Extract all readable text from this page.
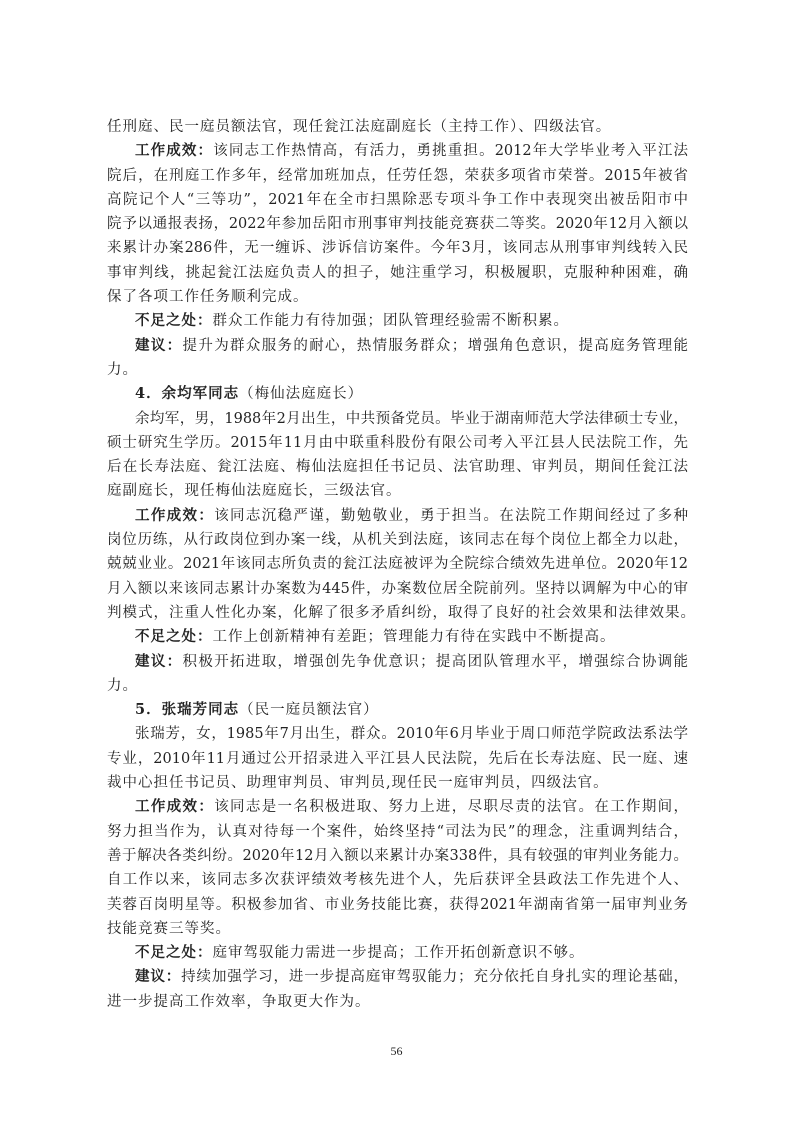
任刑庭、民一庭员额法官，现任瓮江法庭副庭长（主持工作）、四级法官。
工作成效：该同志工作热情高，有活力，勇挑重担。2012年大学毕业考入平江法
院后，在刑庭工作多年，经常加班加点，任劳任怨，荣获多项省市荣誉。2015年被省
高院记个人“三等功”，2021年在全市扫黑除恶专项斗争工作中表现突出被岳阳市中
院予以通报表扬，2022年参加岳阳市刑事审判技能竞赛获二等奖。2020年12月入额以
来累计办案286件，无一缠诉、涉诉信访案件。今年3月，该同志从刑事审判线转入民
事审判线，挑起瓮江法庭负责人的担子，她注重学习，积极履职，克服种种困难，确
保了各项工作任务顺利完成。
不足之处：群众工作能力有待加强；团队管理经验需不断积累。
建议：提升为群众服务的耐心，热情服务群众；增强角色意识，提高庭务管理能
力。
4．余均军同志（梅仙法庭庭长）
余均军，男，1988年2月出生，中共预备党员。毕业于湖南师范大学法律硕士专业，
硕士研究生学历。2015年11月由中联重科股份有限公司考入平江县人民法院工作，先
后在长寿法庭、瓮江法庭、梅仙法庭担任书记员、法官助理、审判员，期间任瓮江法
庭副庭长，现任梅仙法庭庭长，三级法官。
工作成效：该同志沉稳严谨，勤勉敬业，勇于担当。在法院工作期间经过了多种
岗位历练，从行政岗位到办案一线，从机关到法庭，该同志在每个岗位上都全力以赴，
兢兢业业。2021年该同志所负责的瓮江法庭被评为全院综合绩效先进单位。2020年12
月入额以来该同志累计办案数为445件，办案数位居全院前列。坚持以调解为中心的审
判模式，注重人性化办案，化解了很多矛盾纠纷，取得了良好的社会效果和法律效果。
不足之处：工作上创新精神有差距；管理能力有待在实践中不断提高。
建议：积极开拓进取，增强创先争优意识；提高团队管理水平，增强综合协调能
力。
5．张瑞芳同志（民一庭员额法官）
张瑞芳，女，1985年7月出生，群众。2010年6月毕业于周口师范学院政法系法学
专业，2010年11月通过公开招录进入平江县人民法院，先后在长寿法庭、民一庭、速
裁中心担任书记员、助理审判员、审判员,现任民一庭审判员，四级法官。
工作成效：该同志是一名积极进取、努力上进，尽职尽责的法官。在工作期间，
努力担当作为，认真对待每一个案件，始终坚持“司法为民”的理念，注重调判结合，
善于解决各类纠纷。2020年12月入额以来累计办案338件，具有较强的审判业务能力。
自工作以来，该同志多次获评绩效考核先进个人，先后获评全县政法工作先进个人、
芙蓉百岗明星等。积极参加省、市业务技能比赛，获得2021年湖南省第一届审判业务
技能竞赛三等奖。
不足之处：庭审驾驭能力需进一步提高；工作开拓创新意识不够。
建议：持续加强学习，进一步提高庭审驾驭能力；充分依托自身扎实的理论基础，
进一步提高工作效率，争取更大作为。
56
